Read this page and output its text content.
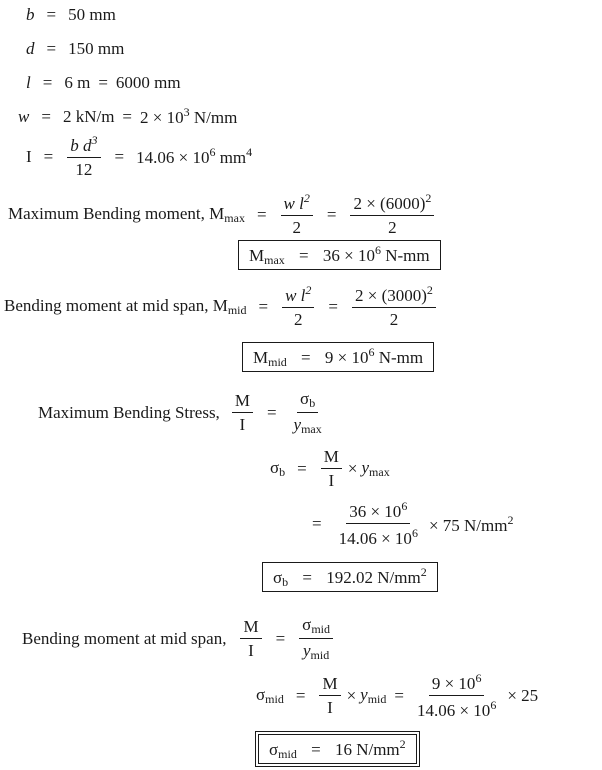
b = 50 mm
d = 150 mm
l = 6 m = 6000 mm
w = 2 $kN/m = 2 \times 10^3$ N/mm
$I = \frac{b d^3}{12} = 14.06 \times 10^6$ $mm^4$
Maximum Bending moment, $M_{max} = \frac{w l^2}{2} = \frac{2 \times (6000)^2}{2}$
$M_{max} = 36 \times 10^6$ N-mm
Bending moment at mid span, $M_{mid} = \frac{w l^2}{2} = \frac{2 \times (3000)^2}{2}$
$M_{mid} = 9 \times 10^6$ N-mm
Maximum Bending Stress, $\frac{M}{I} = \frac{\sigma_b}{y_{max}}$
$\sigma_b = \frac{M}{I} \times y_{max}$
= $\frac{36 \times 10^6}{14.06 \times 10^6} \times 75$ $N/mm^2$
$\sigma_b = 192.02$ $N/mm^2$
Bending moment at mid span, $\frac{M}{I} = \frac{\sigma_{mid}}{y_{mid}}$
$\sigma_{mid} = \frac{M}{I} \times y_{mid} = \frac{9 \times 10^6}{14.06 \times 10^6} \times 25$
$\sigma_{mid} = 16$ $N/mm^2$
